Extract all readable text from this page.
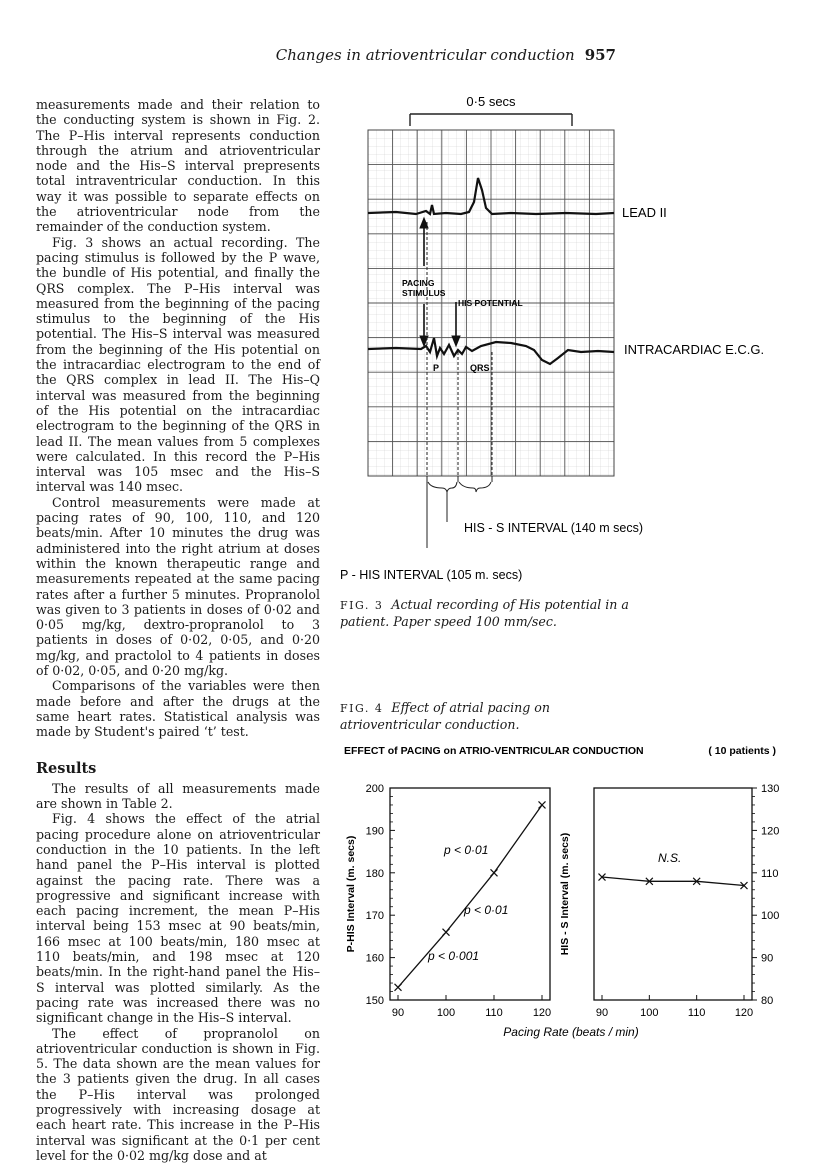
Changes in atrioventricular conduction 957

measurements made and their relation to the conducting system is shown in Fig. 2. The P–His interval represents conduction through the atrium and atrioventricular node and the His–S interval prepresents total intraventricular conduction. In this way it was possible to separate effects on the atrioventricular node from the remainder of the conduction system.

Fig. 3 shows an actual recording. The pacing stimulus is followed by the P wave, the bundle of His potential, and finally the QRS complex. The P–His interval was measured from the beginning of the pacing stimulus to the beginning of the His potential. The His–S interval was measured from the beginning of the His potential on the intracardiac electrogram to the end of the QRS complex in lead II. The His–Q interval was measured from the beginning of the His potential on the intracardiac electrogram to the beginning of the QRS in lead II. The mean values from 5 complexes were calculated. In this record the P–His interval was 105 msec and the His–S interval was 140 msec.

Control measurements were made at pacing rates of 90, 100, 110, and 120 beats/min. After 10 minutes the drug was administered into the right atrium at doses within the known therapeutic range and measurements repeated at the same pacing rates after a further 5 minutes. Propranolol was given to 3 patients in doses of 0·02 and 0·05 mg/kg, dextro-propranolol to 3 patients in doses of 0·02, 0·05, and 0·20 mg/kg, and practolol to 4 patients in doses of 0·02, 0·05, and 0·20 mg/kg.

Comparisons of the variables were then made before and after the drugs at the same heart rates. Statistical analysis was made by Student's paired ‘t’ test.

Results

The results of all measurements made are shown in Table 2.

Fig. 4 shows the effect of the atrial pacing procedure alone on atrioventricular conduction in the 10 patients. In the left hand panel the P–His interval is plotted against the pacing rate. There was a progressive and significant increase with each pacing increment, the mean P–His interval being 153 msec at 90 beats/min, 166 msec at 100 beats/min, 180 msec at 110 beats/min, and 198 msec at 120 beats/min. In the right-hand panel the His–S interval was plotted similarly. As the pacing rate was increased there was no significant change in the His–S interval.

The effect of propranolol on atrioventricular conduction is shown in Fig. 5. The data shown are the mean values for the 3 patients given the drug. In all cases the P–His interval was prolonged progressively with increasing dosage at each heart rate. This increase in the P–His interval was significant at the 0·1 per cent level for the 0·02 mg/kg dose and at

0·5 secs
PACING
STIMULUS
HIS POTENTIAL
P	QRS
LEAD II
INTRACARDIAC E.C.G.
HIS - S INTERVAL (140 m secs)
P - HIS INTERVAL (105 m. secs)
FIG. 3 Actual recording of His potential in a patient. Paper speed 100 mm/sec.
FIG. 4 Effect of atrial pacing on atrioventricular conduction.
EFFECT of PACING on ATRIO-VENTRICULAR CONDUCTION	( 10 patients )
150
160
170
180
190
200
90	100	110	120
P-HIS Interval (m. secs)
p < 0·001
p < 0·01
p < 0·01
80
90
100
110
120
130
90	100	110	120
HIS - S Interval (m. secs)	N.S.
Pacing Rate (beats / min)
